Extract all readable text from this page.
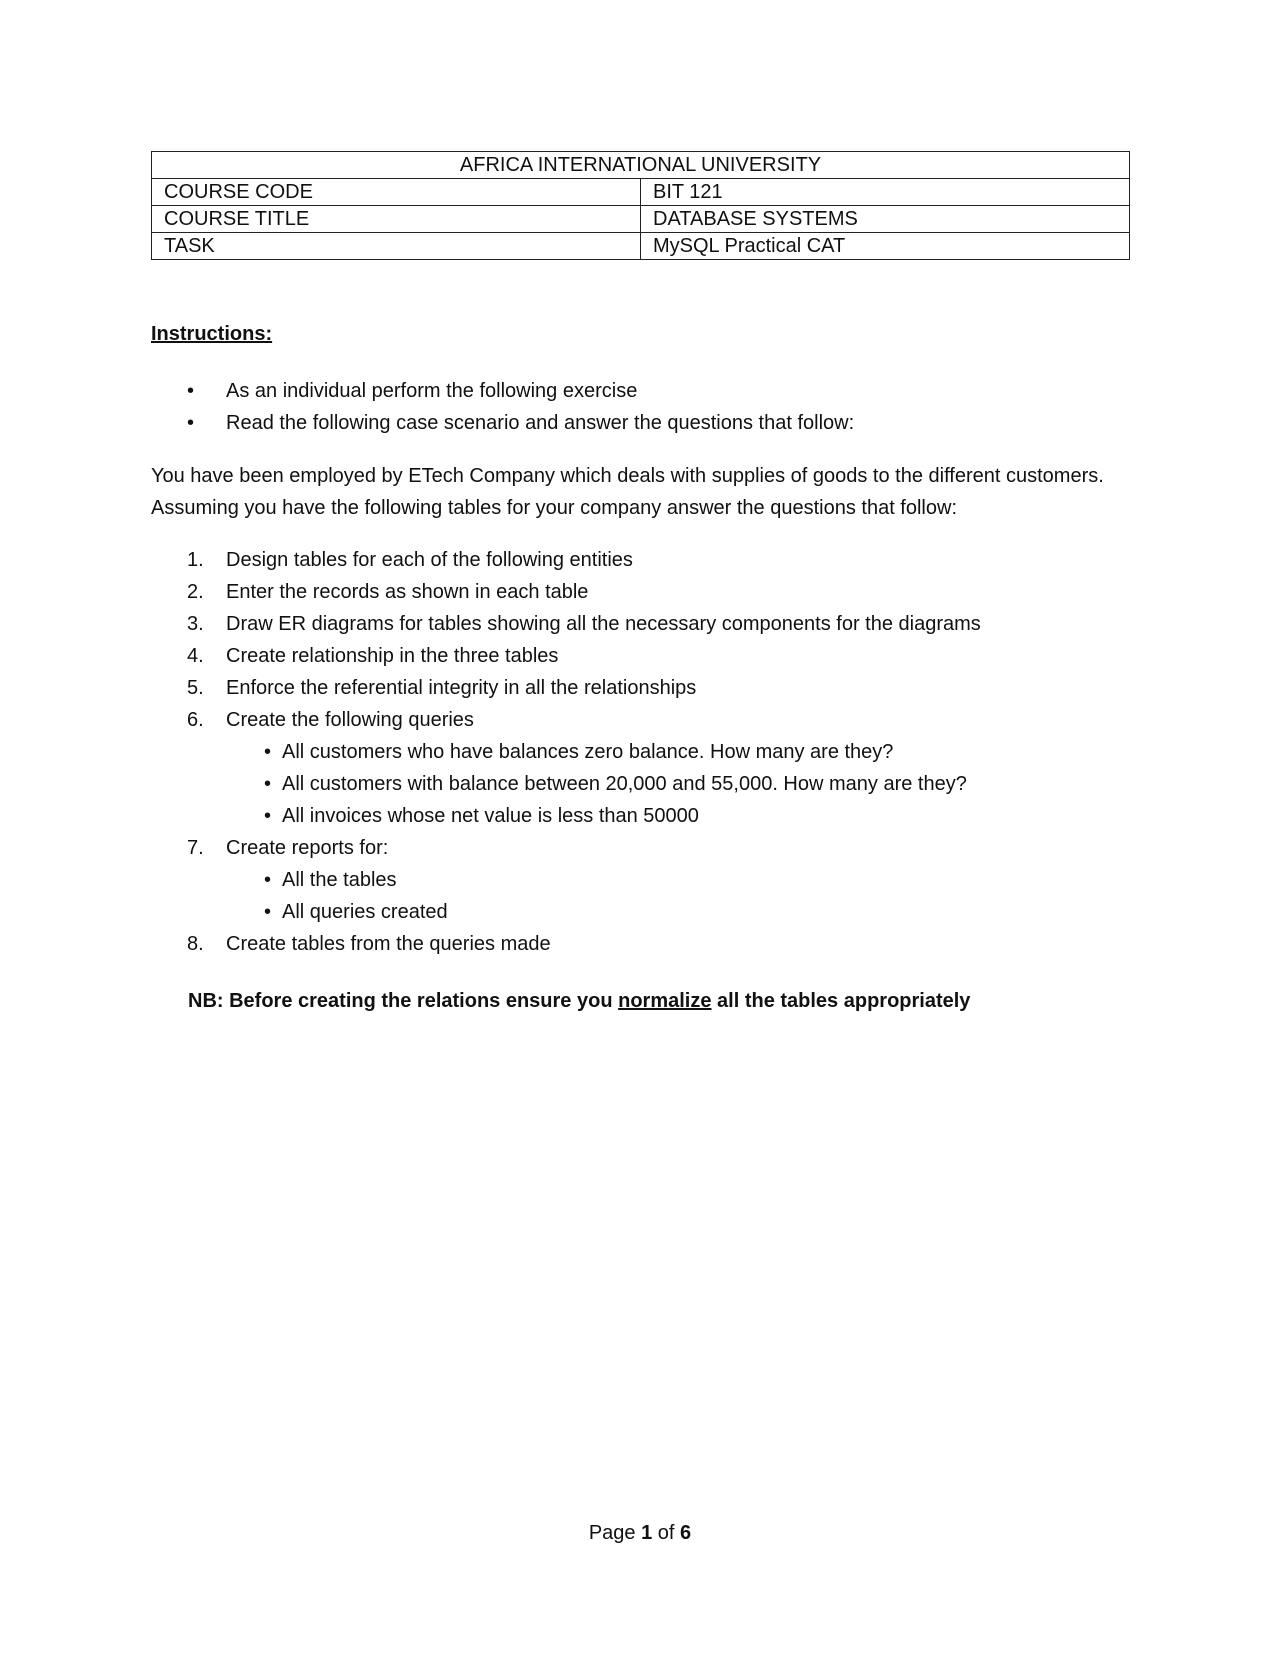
AFRICA INTERNATIONAL UNIVERSITY	
COURSE CODE	BIT 121
COURSE TITLE	DATABASE SYSTEMS
TASK	MySQL Practical CAT
Instructions:
• As an individual perform the following exercise
• Read the following case scenario and answer the questions that follow:
You have been employed by ETech Company which deals with supplies of goods to the different customers. Assuming you have the following tables for your company answer the questions that follow:
1. Design tables for each of the following entities
2. Enter the records as shown in each table
3. Draw ER diagrams for tables showing all the necessary components for the diagrams
4. Create relationship in the three tables
5. Enforce the referential integrity in all the relationships
6. Create the following queries
• All customers who have balances zero balance. How many are they?
• All customers with balance between 20,000 and 55,000. How many are they?
• All invoices whose net value is less than 50000
7. Create reports for:
• All the tables
• All queries created
8. Create tables from the queries made
NB: Before creating the relations ensure you normalize all the tables appropriately
Page 1 of 6
